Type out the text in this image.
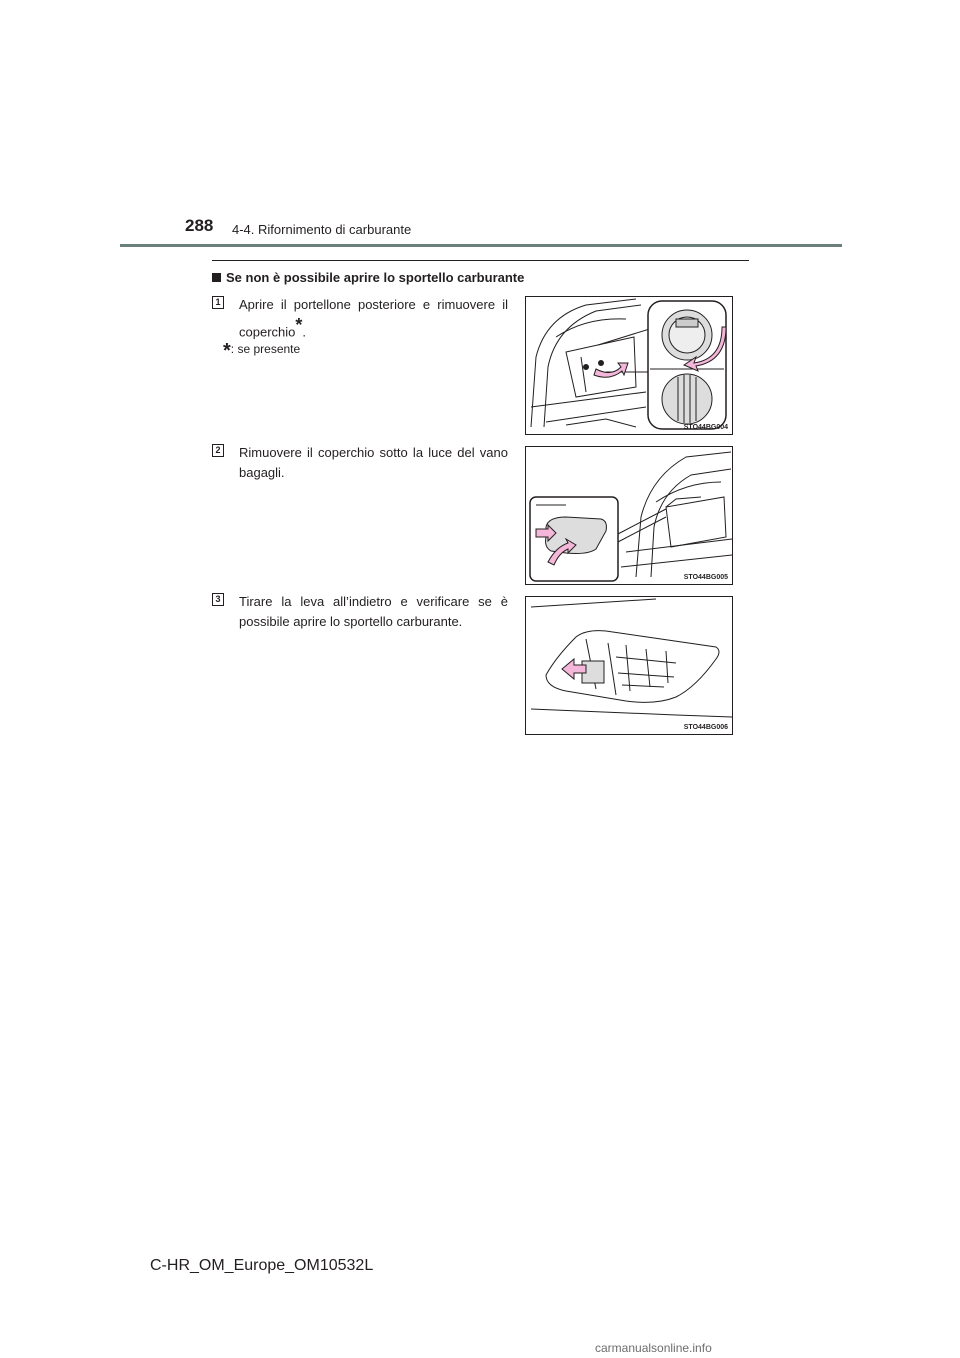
288 4-4. Rifornimento di carburante
Se non è possibile aprire lo sportello carburante
1 Aprire il portellone posteriore e rimuovere il coperchio*.
*: se presente
STO44BG004
2 Rimuovere il coperchio sotto la luce del vano bagagli.
STO44BG005
3 Tirare la leva all’indietro e verificare se è possibile aprire lo sportello carburante.
STO44BG006
C-HR_OM_Europe_OM10532L
carmanualsonline.info
